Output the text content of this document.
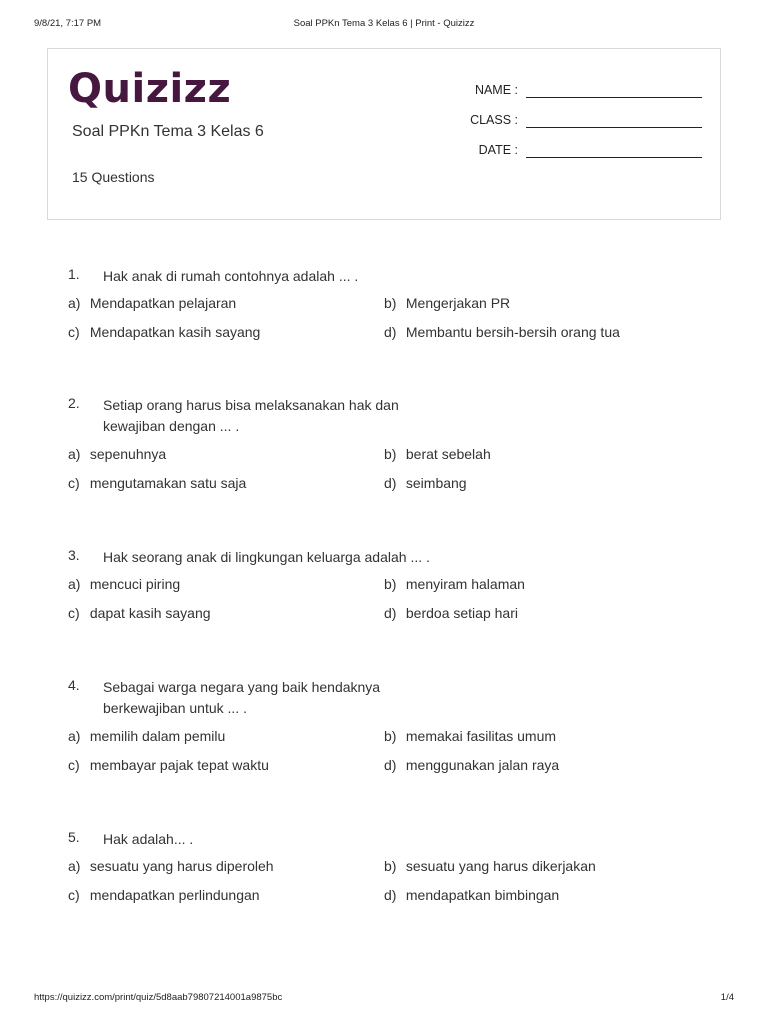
9/8/21, 7:17 PM	Soal PPKn Tema 3 Kelas 6 | Print - Quizizz
Quizizz
Soal PPKn Tema 3 Kelas 6
15 Questions
NAME :
CLASS :
DATE :
1. Hak anak di rumah contohnya adalah ... .
a) Mendapatkan pelajaran	b) Mengerjakan PR
c) Mendapatkan kasih sayang	d) Membantu bersih-bersih orang tua
2. Setiap orang harus bisa melaksanakan hak dan kewajiban dengan ... .
a) sepenuhnya	b) berat sebelah
c) mengutamakan satu saja	d) seimbang
3. Hak seorang anak di lingkungan keluarga adalah ... .
a) mencuci piring	b) menyiram halaman
c) dapat kasih sayang	d) berdoa setiap hari
4. Sebagai warga negara yang baik hendaknya berkewajiban untuk ... .
a) memilih dalam pemilu	b) memakai fasilitas umum
c) membayar pajak tepat waktu	d) menggunakan jalan raya
5. Hak adalah... .
a) sesuatu yang harus diperoleh	b) sesuatu yang harus dikerjakan
c) mendapatkan perlindungan	d) mendapatkan bimbingan
https://quizizz.com/print/quiz/5d8aab79807214001a9875bc	1/4
